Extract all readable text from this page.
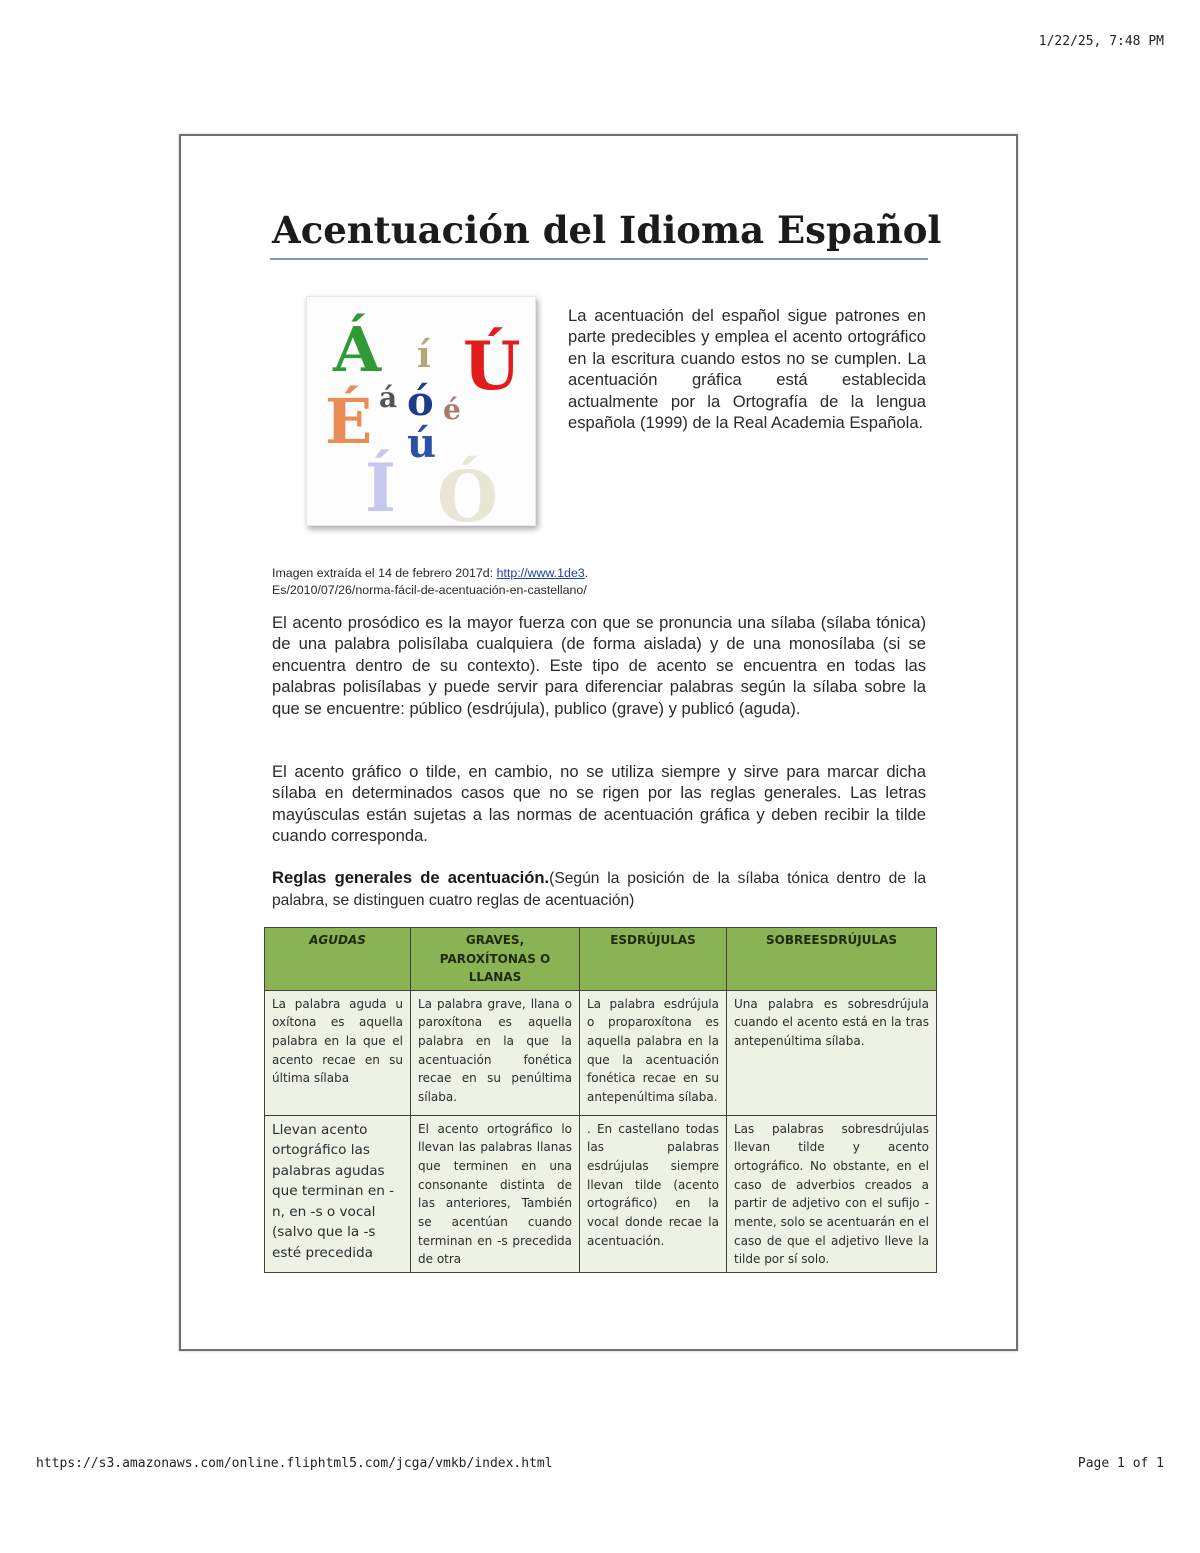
1/22/25, 7:48 PM
Acentuación del Idioma Español
Á í Ú
É á ó é
ú
Í Ó

La acentuación del español sigue patrones en parte predecibles y emplea el acento ortográfico en la escritura cuando estos no se cumplen. La acentuación gráfica está establecida actualmente por la Ortografía de la lengua española (1999) de la Real Academia Española.

Imagen extraída el 14 de febrero 2017d: http://www.1de3.
Es/2010/07/26/norma-fácil-de-acentuación-en-castellano/

El acento prosódico es la mayor fuerza con que se pronuncia una sílaba (sílaba tónica) de una palabra polisílaba cualquiera (de forma aislada) y de una monosílaba (si se encuentra dentro de su contexto). Este tipo de acento se encuentra en todas las palabras polisílabas y puede servir para diferenciar palabras según la sílaba sobre la que se encuentre: público (esdrújula), publico (grave) y publicó (aguda).

El acento gráfico o tilde, en cambio, no se utiliza siempre y sirve para marcar dicha sílaba en determinados casos que no se rigen por las reglas generales. Las letras mayúsculas están sujetas a las normas de acentuación gráfica y deben recibir la tilde cuando corresponda.

Reglas generales de acentuación.(Según la posición de la sílaba tónica dentro de la palabra, se distinguen cuatro reglas de acentuación)

AGUDAS	GRAVES, PAROXÍTONAS O LLANAS	ESDRÚJULAS	SOBREESDRÚJULAS
La palabra aguda u oxítona es aquella palabra en la que el acento recae en su última sílaba	La palabra grave, llana o paroxítona es aquella palabra en la que la acentuación fonética recae en su penúltima sílaba.	La palabra esdrújula o proparoxítona es aquella palabra en la que la acentuación fonética recae en su antepenúltima sílaba.	Una palabra es sobresdrújula cuando el acento está en la tras antepenúltima sílaba.
Llevan acento ortográfico las palabras agudas que terminan en -n, en -s o vocal (salvo que la -s esté precedida	El acento ortográfico lo llevan las palabras llanas que terminen en una consonante distinta de las anteriores, También se acentúan cuando terminan en -s precedida de otra	. En castellano todas las palabras esdrújulas siempre llevan tilde (acento ortográfico) en la vocal donde recae la acentuación.	Las palabras sobresdrújulas llevan tilde y acento ortográfico. No obstante, en el caso de adverbios creados a partir de adjetivo con el sufijo -mente, solo se acentuarán en el caso de que el adjetivo lleve la tilde por sí solo.
https://s3.amazonaws.com/online.fliphtml5.com/jcga/vmkb/index.html	Page 1 of 1
